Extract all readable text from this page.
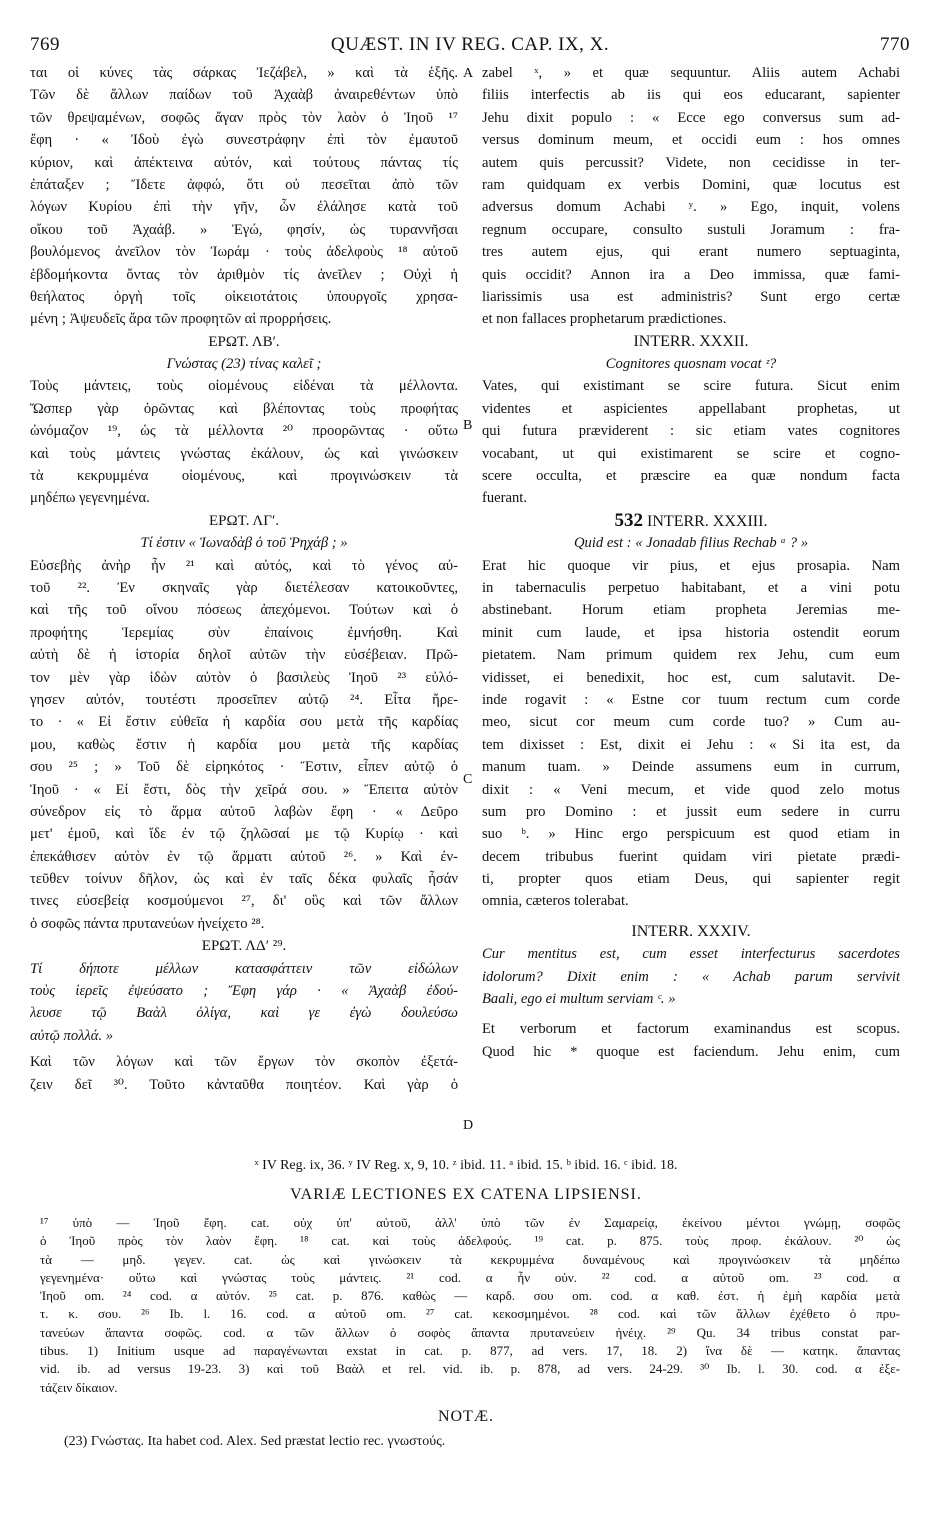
769	QUÆST. IN IV REG. CAP. IX, X.	770
A
B
C
D
ται οἱ κύνες τὰς σάρκας Ἰεζάβελ, » καὶ τὰ ἑξῆς.
Τῶν δὲ ἄλλων παίδων τοῦ Ἀχαὰβ ἀναιρεθέντων ὑπὸ
τῶν θρεψαμένων, σοφῶς ἄγαν πρὸς τὸν λαὸν ὁ Ἰηοῦ ¹⁷
ἔφη · « Ἰδοὺ ἐγὼ συνεστράφην ἐπὶ τὸν ἐμαυτοῦ
κύριον, καὶ ἀπέκτεινα αὐτόν, καὶ τούτους πάντας τίς
ἐπάταξεν ; Ἴδετε ἀφφώ, ὅτι οὐ πεσεῖται ἀπὸ τῶν
λόγων Κυρίου ἐπὶ τὴν γῆν, ὧν ἐλάλησε κατὰ τοῦ
οἴκου τοῦ Ἀχαάβ. » Ἐγώ, φησίν, ὡς τυραννῆσαι
βουλόμενος ἀνεῖλον τὸν Ἰωράμ · τοὺς ἀδελφοὺς ¹⁸ αὐτοῦ
ἑβδομήκοντα ὄντας τὸν ἀριθμὸν τίς ἀνεῖλεν ; Οὐχὶ ἡ
θεήλατος ὀργὴ τοῖς οἰκειοτάτοις ὑπουργοῖς χρησα-
μένη ; Ἀψευδεῖς ἄρα τῶν προφητῶν αἱ προρρήσεις.
ΕΡΩΤ. ΛΒʹ.
Γνώστας (23) τίνας καλεῖ ;
Τοὺς μάντεις, τοὺς οἰομένους εἰδέναι τὰ μέλλοντα.
Ὥσπερ γὰρ ὁρῶντας καὶ βλέποντας τοὺς προφήτας
ὠνόμαζον ¹⁹, ὡς τὰ μέλλοντα ²⁰ προορῶντας · οὕτω
καὶ τοὺς μάντεις γνώστας ἐκάλουν, ὡς καὶ γινώσκειν
τὰ κεκρυμμένα οἰομένους, καὶ προγινώσκειν τὰ
μηδέπω γεγενημένα.
ΕΡΩΤ. ΛΓʹ.
Τί ἐστιν « Ἰωναδὰβ ὁ τοῦ Ῥηχάβ ; »
Εὐσεβὴς ἀνὴρ ἦν ²¹ καὶ αὐτός, καὶ τὸ γένος αὐ-
τοῦ ²². Ἐν σκηναῖς γὰρ διετέλεσαν κατοικοῦντες,
καὶ τῆς τοῦ οἴνου πόσεως ἀπεχόμενοι. Τούτων καὶ ὁ
προφήτης Ἱερεμίας σὺν ἐπαίνοις ἐμνήσθη. Καὶ
αὐτὴ δὲ ἡ ἱστορία δηλοῖ αὐτῶν τὴν εὐσέβειαν. Πρῶ-
τον μὲν γὰρ ἰδὼν αὐτὸν ὁ βασιλεὺς Ἰηοῦ ²³ εὐλό-
γησεν αὐτόν, τουτέστι προσεῖπεν αὐτῷ ²⁴. Εἶτα ἤρε-
το · « Εἰ ἔστιν εὐθεῖα ἡ καρδία σου μετὰ τῆς καρδίας
μου, καθὼς ἔστιν ἡ καρδία μου μετὰ τῆς καρδίας
σου ²⁵ ; » Τοῦ δὲ εἰρηκότος · Ἔστιν, εἶπεν αὐτῷ ὁ
Ἰηοῦ · « Εἰ ἔστι, δὸς τὴν χεῖρά σου. » Ἔπειτα αὐτὸν
σύνεδρον εἰς τὸ ἅρμα αὐτοῦ λαβὼν ἔφη · « Δεῦρο
μετ' ἐμοῦ, καὶ ἴδε ἐν τῷ ζηλῶσαί με τῷ Κυρίῳ · καὶ
ἐπεκάθισεν αὐτὸν ἐν τῷ ἅρματι αὐτοῦ ²⁶. » Καὶ ἐν-
τεῦθεν τοίνυν δῆλον, ὡς καὶ ἐν ταῖς δέκα φυλαῖς ἦσάν
τινες εὐσεβείᾳ κοσμούμενοι ²⁷, δι' οὓς καὶ τῶν ἄλλων
ὁ σοφῶς πάντα πρυτανεύων ἠνείχετο ²⁸.
ΕΡΩΤ. ΛΔʹ ²⁹.
Τί δήποτε μέλλων κατασφάττειν τῶν εἰδώλων
τοὺς ἱερεῖς ἐψεύσατο ; Ἔφη γάρ · « Ἀχαὰβ ἐδού-
λευσε τῷ Βαὰλ ὀλίγα, καὶ γε ἐγὼ δουλεύσω
αὐτῷ πολλά. »
Καὶ τῶν λόγων καὶ τῶν ἔργων τὸν σκοπὸν ἐξετά-
ζειν δεῖ ³⁰. Τοῦτο κἀνταῦθα ποιητέον. Καὶ γὰρ ὁ
zabel ˣ, » et quæ sequuntur. Aliis autem Achabi
filiis interfectis ab iis qui eos educarant, sapienter
Jehu dixit populo : « Ecce ego conversus sum ad-
versus dominum meum, et occidi eum : hos omnes
autem quis percussit? Videte, non cecidisse in ter-
ram quidquam ex verbis Domini, quæ locutus est
adversus domum Achabi ʸ. » Ego, inquit, volens
regnum occupare, consulto sustuli Joramum : fra-
tres autem ejus, qui erant numero septuaginta,
quis occidit? Annon ira a Deo immissa, quæ fami-
liarissimis usa est administris? Sunt ergo certæ
et non fallaces prophetarum prædictiones.
INTERR. XXXII.
Cognitores quosnam vocat ᶻ?
Vates, qui existimant se scire futura. Sicut enim
videntes et aspicientes appellabant prophetas, ut
qui futura præviderent : sic etiam vates cognitores
vocabant, ut qui existimarent se scire et cogno-
scere occulta, et præscire ea quæ nondum facta
fuerant.
532 INTERR. XXXIII.
Quid est : « Jonadab filius Rechab ᵃ ? »
Erat hic quoque vir pius, et ejus prosapia. Nam
in tabernaculis perpetuo habitabant, et a vini potu
abstinebant. Horum etiam propheta Jeremias me-
minit cum laude, et ipsa historia ostendit eorum
pietatem. Nam primum quidem rex Jehu, cum eum
vidisset, ei benedixit, hoc est, cum salutavit. De-
inde rogavit : « Estne cor tuum rectum cum corde
meo, sicut cor meum cum corde tuo? » Cum au-
tem dixisset : Est, dixit ei Jehu : « Si ita est, da
manum tuam. » Deinde assumens eum in currum,
dixit : « Veni mecum, et vide quod zelo motus
sum pro Domino : et jussit eum sedere in curru
suo ᵇ. » Hinc ergo perspicuum est quod etiam in
decem tribubus fuerint quidam viri pietate prædi-
ti, propter quos etiam Deus, qui sapienter regit
omnia, cæteros tolerabat.
INTERR. XXXIV.
Cur mentitus est, cum esset interfecturus sacerdotes
idolorum? Dixit enim : « Achab parum servivit
Baali, ego ei multum serviam ᶜ. »
Et verborum et factorum examinandus est scopus.
Quod hic * quoque est faciendum. Jehu enim, cum
ˣ IV Reg. ix, 36. ʸ IV Reg. x, 9, 10. ᶻ ibid. 11. ᵃ ibid. 15. ᵇ ibid. 16. ᶜ ibid. 18.
VARIÆ LECTIONES EX CATENA LIPSIENSI.
¹⁷ ὑπὸ — Ἰηοῦ ἔφη. cat. οὐχ ὑπ' αὐτοῦ, ἀλλ' ὑπὸ τῶν ἐν Σαμαρείᾳ, ἐκείνου μέντοι γνώμῃ, σοφῶς
ὁ Ἰηοῦ πρὸς τὸν λαὸν ἔφη. ¹⁸ cat. καὶ τοὺς ἀδελφούς. ¹⁹ cat. p. 875. τοὺς προφ. ἐκάλουν. ²⁰ ὡς
τὰ — μηδ. γεγεν. cat. ὡς καὶ γινώσκειν τὰ κεκρυμμένα δυναμένους καὶ προγινώσκειν τὰ μηδέπω
γεγενημένα· οὕτω καὶ γνώστας τοὺς μάντεις. ²¹ cod. α ἦν οὐν. ²² cod. α αὐτοῦ om. ²³ cod. α
Ἰηοῦ om. ²⁴ cod. α αὐτόν. ²⁵ cat. p. 876. καθὼς — καρδ. σου om. cod. α καθ. ἐστ. ἡ ἐμὴ καρδία μετὰ
τ. κ. σου. ²⁶ Ib. l. 16. cod. α αὐτοῦ om. ²⁷ cat. κεκοσμημένοι. ²⁸ cod. καὶ τῶν ἄλλων ἐχέθετο ὁ πρυ-
τανεύων ἅπαντα σοφῶς. cod. α τῶν ἄλλων ὁ σοφὸς ἅπαντα πρυτανεύειν ἠνέιχ. ²⁹ Qu. 34 tribus constat par-
tibus. 1) Initium usque ad παραγένωνται exstat in cat. p. 877, ad vers. 17, 18. 2) ἵνα δὲ — κατηκ. ἅπαντας
vid. ib. ad versus 19-23. 3) καὶ τοῦ Βαὰλ et rel. vid. ib. p. 878, ad vers. 24-29. ³⁰ Ib. l. 30. cod. α ἐξε-
τάζειν δίκαιον.
NOTÆ.
(23) Γνώστας. Ita habet cod. Alex. Sed præstat lectio rec. γνωστούς.
